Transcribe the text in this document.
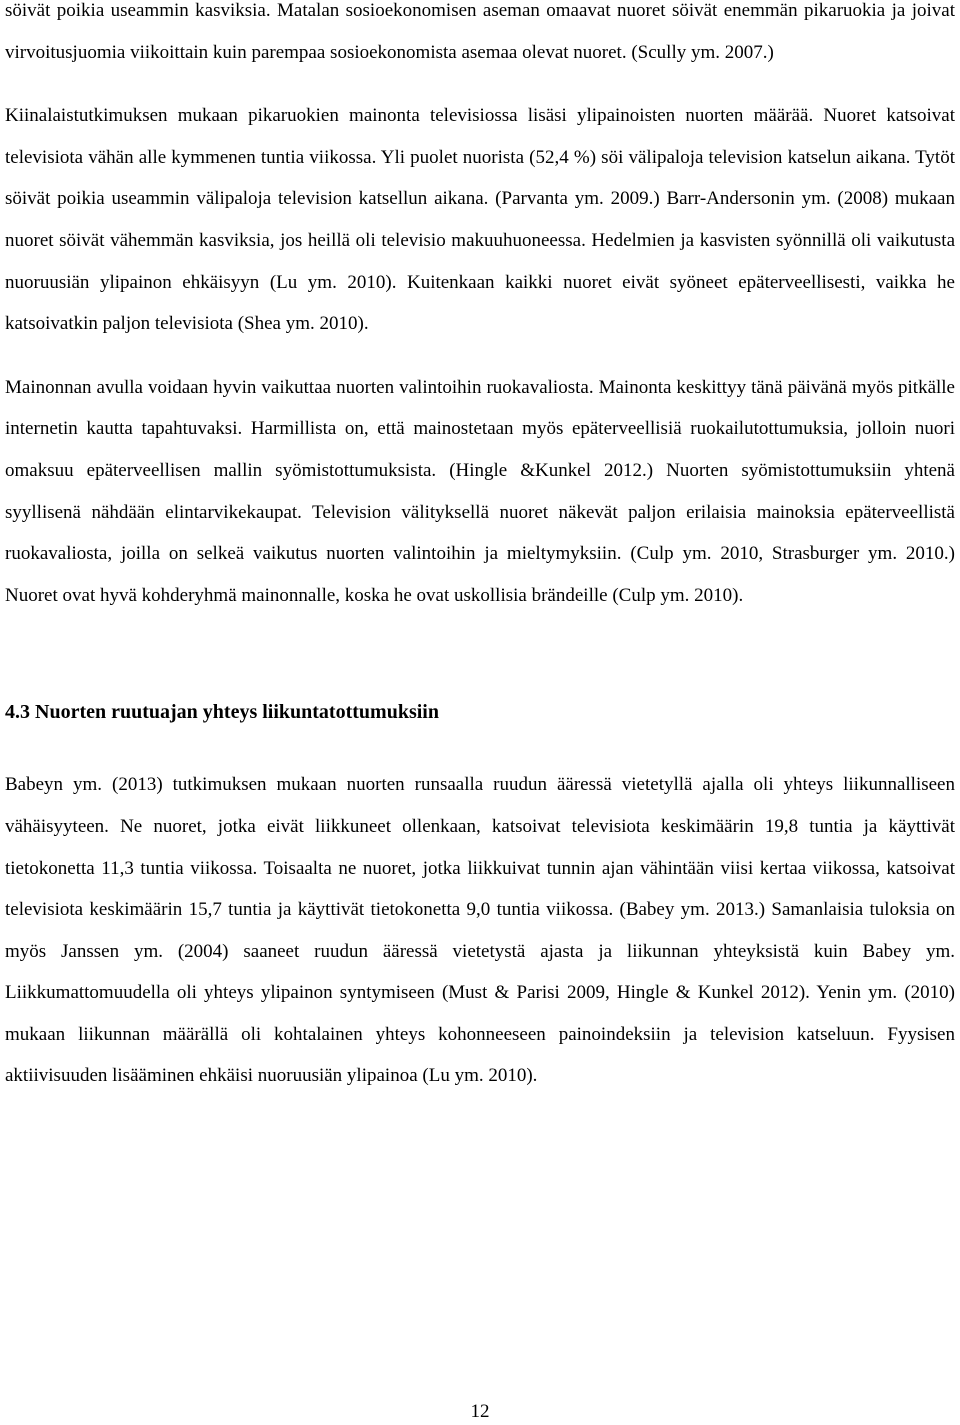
söivät poikia useammin kasviksia. Matalan sosioekonomisen aseman omaavat nuoret söivät enemmän pikaruokia ja joivat virvoitusjuomia viikoittain kuin parempaa sosioekonomista asemaa olevat nuoret. (Scully ym. 2007.)

Kiinalaistutkimuksen mukaan pikaruokien mainonta televisiossa lisäsi ylipainoisten nuorten määrää. Nuoret katsoivat televisiota vähän alle kymmenen tuntia viikossa. Yli puolet nuorista (52,4 %) söi välipaloja television katselun aikana. Tytöt söivät poikia useammin välipaloja television katsellun aikana. (Parvanta ym. 2009.) Barr-Andersonin ym. (2008) mukaan nuoret söivät vähemmän kasviksia, jos heillä oli televisio makuuhuoneessa. Hedelmien ja kasvisten syönnillä oli vaikutusta nuoruusiän ylipainon ehkäisyyn (Lu ym. 2010). Kuitenkaan kaikki nuoret eivät syöneet epäterveellisesti, vaikka he katsoivatkin paljon televisiota (Shea ym. 2010).

Mainonnan avulla voidaan hyvin vaikuttaa nuorten valintoihin ruokavaliosta. Mainonta keskittyy tänä päivänä myös pitkälle internetin kautta tapahtuvaksi. Harmillista on, että mainostetaan myös epäterveellisiä ruokailutottumuksia, jolloin nuori omaksuu epäterveellisen mallin syömistottumuksista. (Hingle &Kunkel 2012.) Nuorten syömistottumuksiin yhtenä syyllisenä nähdään elintarvikekaupat. Television välityksellä nuoret näkevät paljon erilaisia mainoksia epäterveellistä ruokavaliosta, joilla on selkeä vaikutus nuorten valintoihin ja mieltymyksiin. (Culp ym. 2010, Strasburger ym. 2010.) Nuoret ovat hyvä kohderyhmä mainonnalle, koska he ovat uskollisia brändeille (Culp ym. 2010).

4.3 Nuorten ruutuajan yhteys liikuntatottumuksiin

Babeyn ym. (2013) tutkimuksen mukaan nuorten runsaalla ruudun ääressä vietetyllä ajalla oli yhteys liikunnalliseen vähäisyyteen. Ne nuoret, jotka eivät liikkuneet ollenkaan, katsoivat televisiota keskimäärin 19,8 tuntia ja käyttivät tietokonetta 11,3 tuntia viikossa. Toisaalta ne nuoret, jotka liikkuivat tunnin ajan vähintään viisi kertaa viikossa, katsoivat televisiota keskimäärin 15,7 tuntia ja käyttivät tietokonetta 9,0 tuntia viikossa. (Babey ym. 2013.) Samanlaisia tuloksia on myös Janssen ym. (2004) saaneet ruudun ääressä vietetystä ajasta ja liikunnan yhteyksistä kuin Babey ym. Liikkumattomuudella oli yhteys ylipainon syntymiseen (Must & Parisi 2009, Hingle & Kunkel 2012). Yenin ym. (2010) mukaan liikunnan määrällä oli kohtalainen yhteys kohonneeseen painoindeksiin ja television katseluun. Fyysisen aktiivisuuden lisääminen ehkäisi nuoruusiän ylipainoa (Lu ym. 2010).

12
